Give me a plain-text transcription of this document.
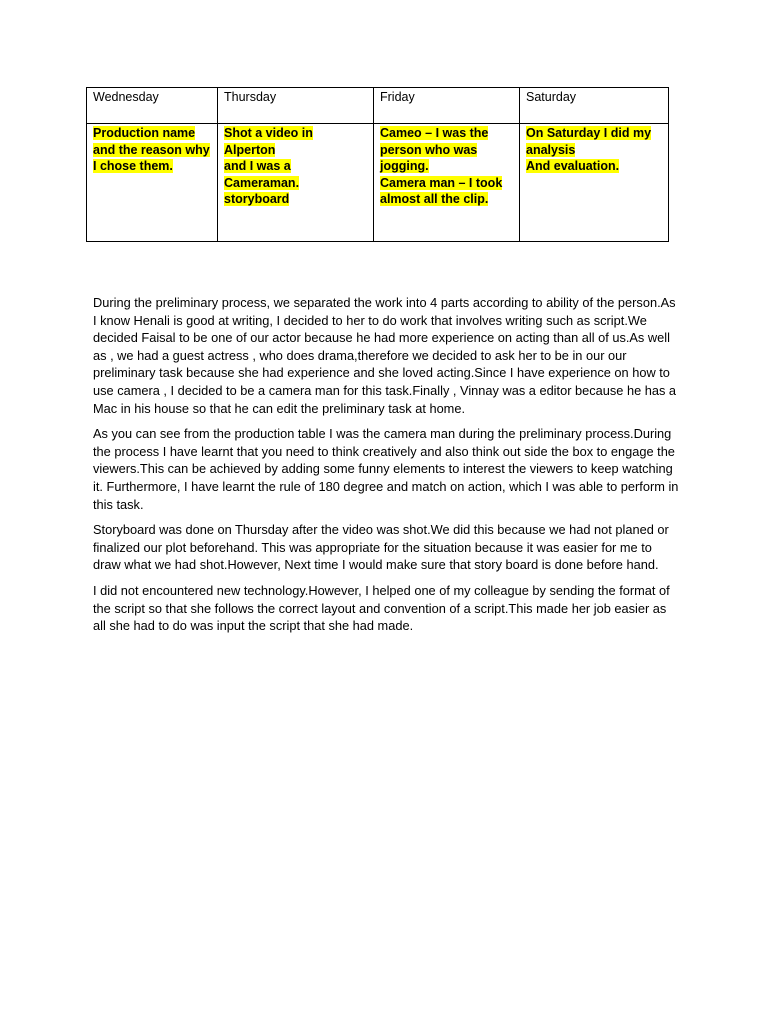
Wednesday	Thursday	Friday	Saturday
Production name
and the reason why
I chose them.	Shot a video in Alperton
and I was a
Cameraman.
storyboard	Cameo – I was the
person who was
jogging.
Camera man – I took
almost all the clip.	On Saturday I did my
analysis
And evaluation.

During the preliminary process, we separated the work into 4 parts according to ability of the person.As I know Henali is good at writing, I decided to her to do work that involves writing such as script.We decided Faisal to be one of our actor because he had more experience on acting than all of us.As well as , we had a guest actress , who does drama,therefore we decided to ask her to be in our our preliminary task because she had experience and she loved acting.Since I have experience on how to use camera , I decided to be a camera man for this task.Finally , Vinnay was a editor because he has a Mac in his house so that he can edit the preliminary task at home.

As you can see from the production table I was the camera man during the preliminary process.During the process I have learnt that you need to think creatively and also think out side the box to engage the viewers.This can be achieved by adding some funny elements to interest the viewers to keep watching it. Furthermore, I have learnt the rule of 180 degree and match on action, which I was able to perform in this task.

Storyboard was done on Thursday after the video was shot.We did this because we had not planed or finalized our plot beforehand. This was appropriate for the situation because it was easier for me to draw what we had shot.However, Next time I would make sure that story board is done before hand.

I did not encountered new technology.However, I helped one of my colleague by sending the format of the script so that she follows the correct layout and convention of a script.This made her job easier as all she had to do was input the script that she had made.
